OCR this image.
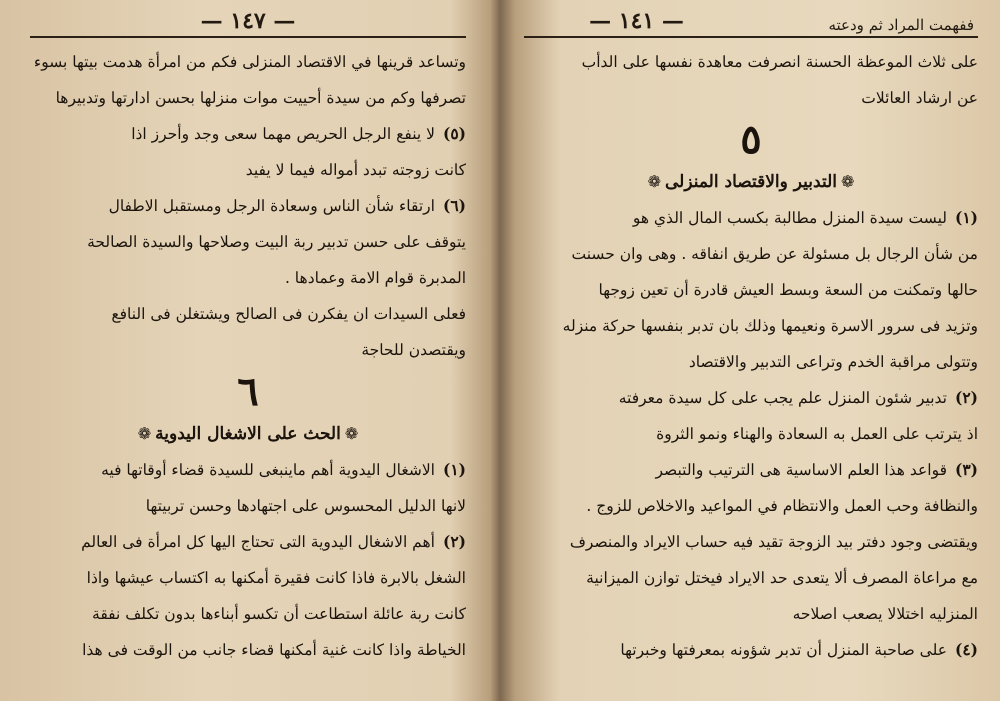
— ١٤٧ —
وتساعد قرينها في الاقتصاد المنزلى فكم من امرأة هدمت بيتها بسوء
تصرفها وكم من سيدة أحييت موات منزلها بحسن ادارتها وتدبيرها
(٥)لا ينفع الرجل الحريص مهما سعى وجد وأحرز اذا
كانت زوجته تبدد أمواله فيما لا يفيد
(٦)ارتقاء شأن الناس وسعادة الرجل ومستقبل الاطفال
يتوقف على حسن تدبير ربة البيت وصلاحها والسيدة الصالحة
المدبرة قوام الامة وعمادها .
فعلى السيدات ان يفكرن فى الصالح ويشتغلن فى النافع
ويقتصدن للحاجة
٦
❁الحث على الاشغال اليدوية❁
(١)الاشغال اليدوية أهم ماينبغى للسيدة قضاء أوقاتها فيه
لانها الدليل المحسوس على اجتهادها وحسن تربيتها
(٢)أهم الاشغال اليدوية التى تحتاج اليها كل امرأة فى العالم
الشغل بالابرة فاذا كانت فقيرة أمكنها به اكتساب عيشها واذا
كانت ربة عائلة استطاعت أن تكسو أبناءها بدون تكلف نفقة
الخياطة واذا كانت غنية أمكنها قضاء جانب من الوقت فى هذا
ففهمت المراد ثم ودعته
— ١٤١ —
على ثلاث الموعظة الحسنة انصرفت معاهدة نفسها على الدأب
عن ارشاد العائلات
٥
❁التدبير والاقتصاد المنزلى❁
(١)ليست سيدة المنزل مطالبة بكسب المال الذي هو
من شأن الرجال بل مسئولة عن طريق انفاقه . وهى وان حسنت
حالها وتمكنت من السعة وبسط العيش قادرة أن تعين زوجها
وتزيد فى سرور الاسرة ونعيمها وذلك بان تدبر بنفسها حركة منزله
وتتولى مراقبة الخدم وتراعى التدبير والاقتصاد
(٢)تدبير شئون المنزل علم يجب على كل سيدة معرفته
اذ يترتب على العمل به السعادة والهناء ونمو الثروة
(٣)قواعد هذا العلم الاساسية هى الترتيب والتبصر
والنظافة وحب العمل والانتظام في المواعيد والاخلاص للزوج .
ويقتضى وجود دفتر بيد الزوجة تقيد فيه حساب الايراد والمنصرف
مع مراعاة المصرف ألا يتعدى حد الايراد فيختل توازن الميزانية
المنزليه اختلالا يصعب اصلاحه
(٤)على صاحبة المنزل أن تدبر شؤونه بمعرفتها وخبرتها
